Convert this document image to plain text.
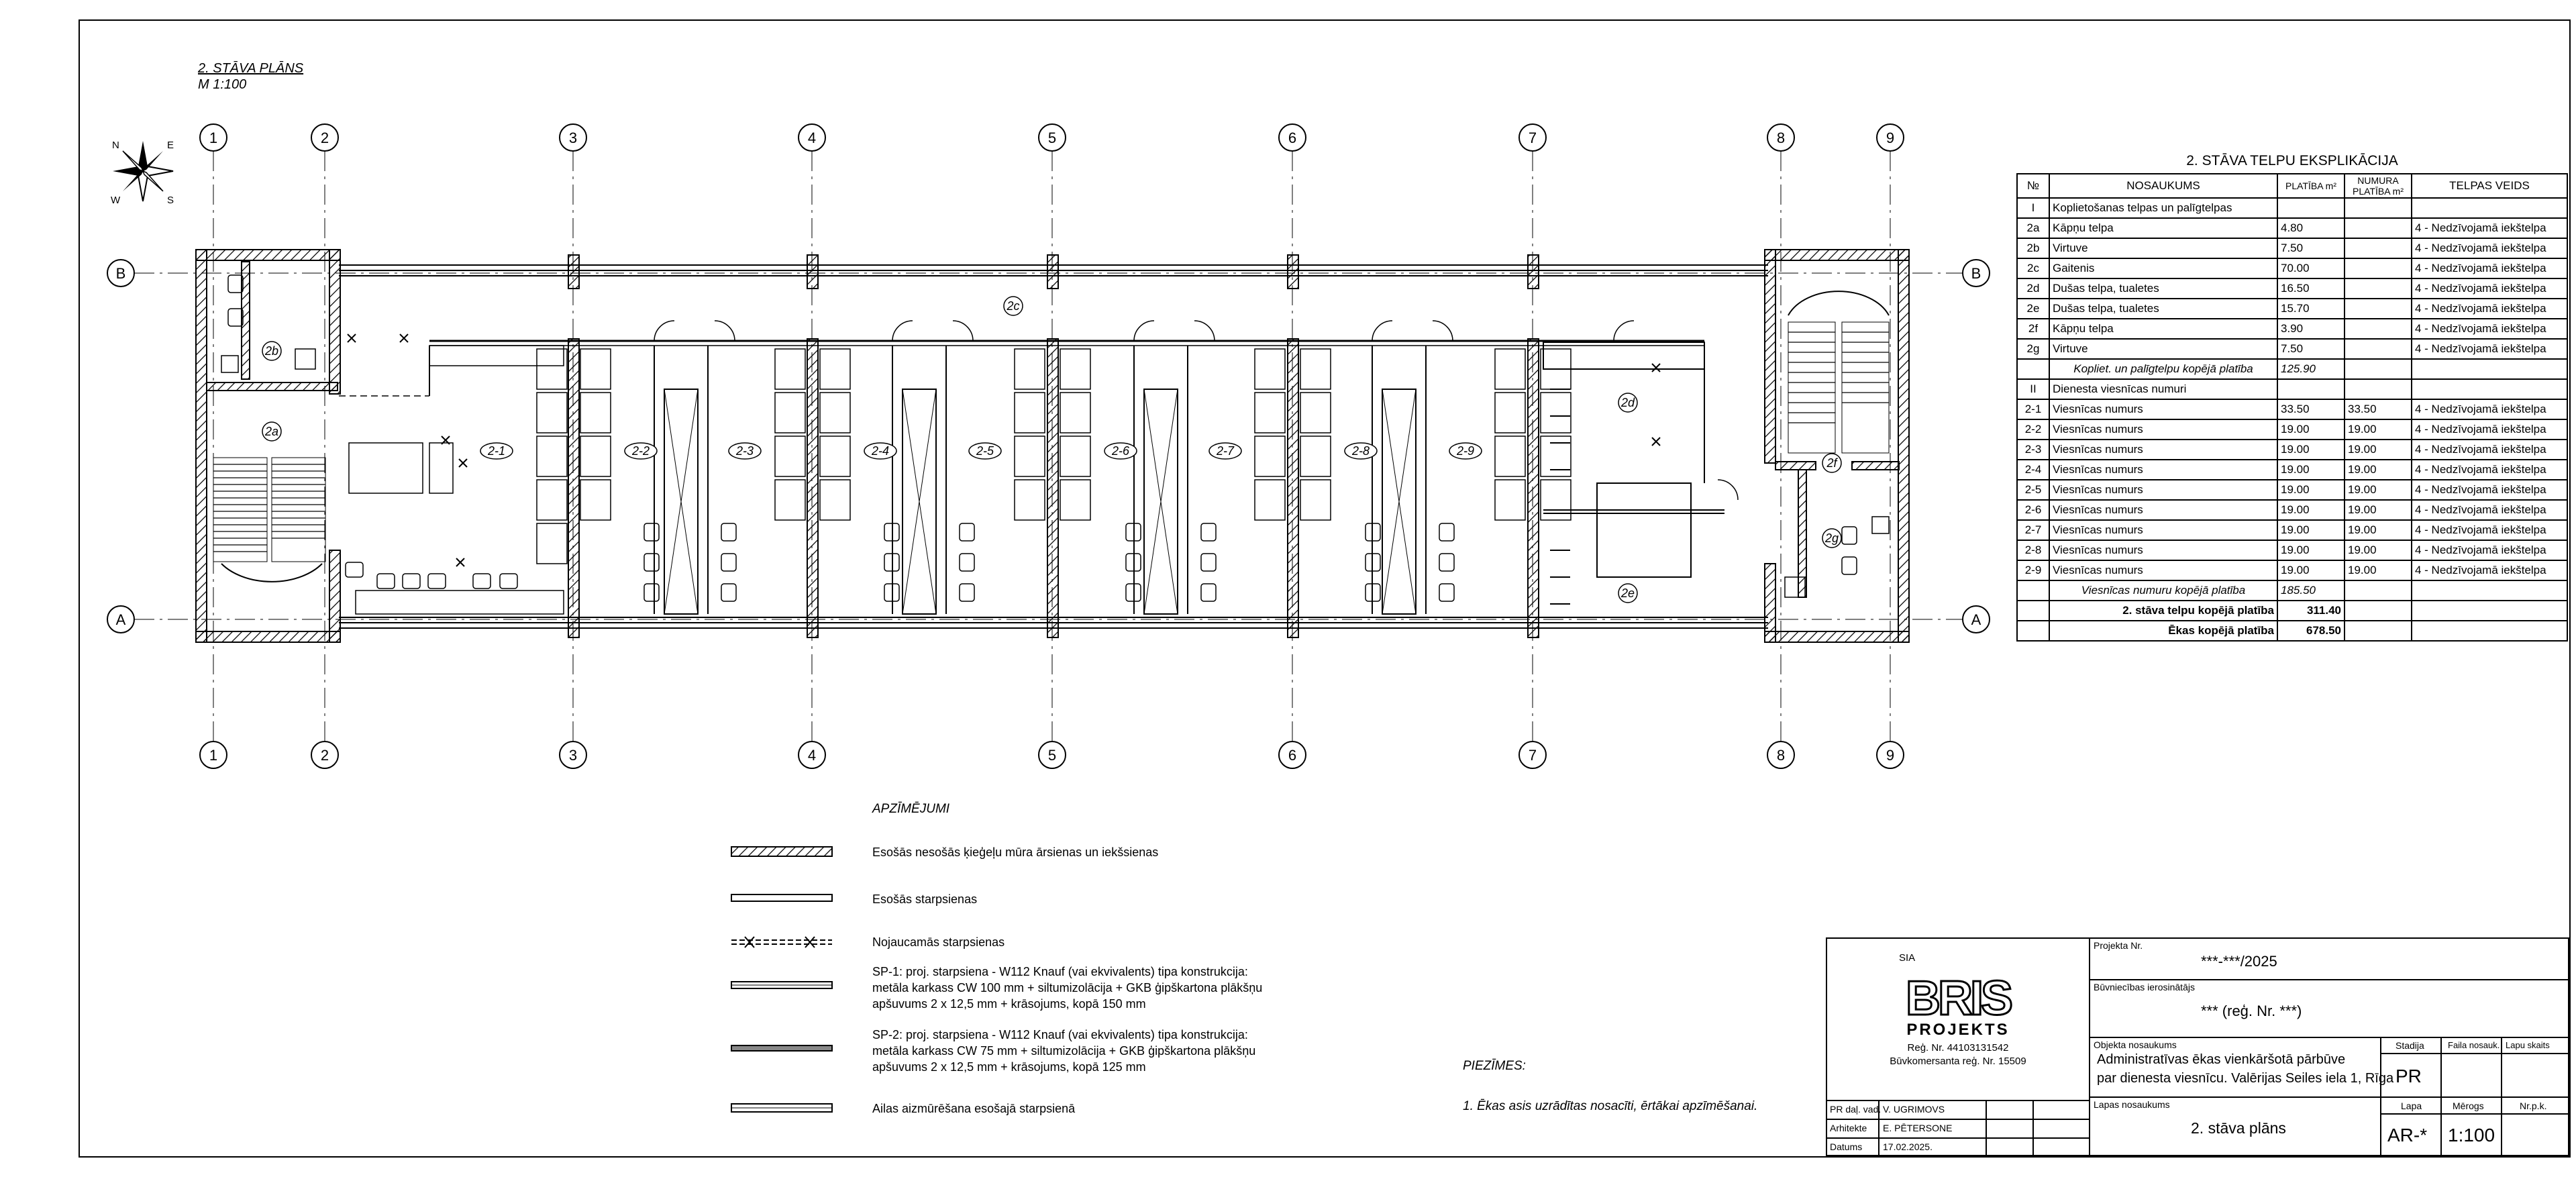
2. STĀVA PLĀNS
M 1:100
N	E
S
W
1	2	3	4	5	6	7	8	9
1	2	3	4	5	6	7	8	9
B	B
A	A
2-1	2-2	2-3	2-4	2-5	2-6	2-7	2-8	2-9
2a
2b
2c
2d
2e
2f
2g
SIA
BRIS
PROJEKTS
Reģ. Nr. 44103131542
Būvkomersanta reģ. Nr. 15509
2. STĀVA TELPU EKSPLIKĀCIJA
№	NOSAUKUMS	PLATĪBA m²	NUMURA PLATĪBA m²	TELPAS VEIDS
I	Koplietošanas telpas un palīgtelpas			
2a	Kāpņu telpa	4.80		4 - Nedzīvojamā iekštelpa
2b	Virtuve	7.50		4 - Nedzīvojamā iekštelpa
2c	Gaitenis	70.00		4 - Nedzīvojamā iekštelpa
2d	Dušas telpa, tualetes	16.50		4 - Nedzīvojamā iekštelpa
2e	Dušas telpa, tualetes	15.70		4 - Nedzīvojamā iekštelpa
2f	Kāpņu telpa	3.90		4 - Nedzīvojamā iekštelpa
2g	Virtuve	7.50		4 - Nedzīvojamā iekštelpa
	Kopliet. un palīgtelpu kopējā platība	125.90		
II	Dienesta viesnīcas numuri			
2-1	Viesnīcas numurs	33.50	33.50	4 - Nedzīvojamā iekštelpa
2-2	Viesnīcas numurs	19.00	19.00	4 - Nedzīvojamā iekštelpa
2-3	Viesnīcas numurs	19.00	19.00	4 - Nedzīvojamā iekštelpa
2-4	Viesnīcas numurs	19.00	19.00	4 - Nedzīvojamā iekštelpa
2-5	Viesnīcas numurs	19.00	19.00	4 - Nedzīvojamā iekštelpa
2-6	Viesnīcas numurs	19.00	19.00	4 - Nedzīvojamā iekštelpa
2-7	Viesnīcas numurs	19.00	19.00	4 - Nedzīvojamā iekštelpa
2-8	Viesnīcas numurs	19.00	19.00	4 - Nedzīvojamā iekštelpa
2-9	Viesnīcas numurs	19.00	19.00	4 - Nedzīvojamā iekštelpa
	Viesnīcas numuru kopējā platība	185.50		
	2. stāva telpu kopējā platība	311.40		
	Ēkas kopējā platība	678.50		
APZĪMĒJUMI
Esošās nesošās ķieģeļu mūra ārsienas un iekšsienas
Esošās starpsienas
Nojaucamās starpsienas
SP-1: proj. starpsiena - W112 Knauf (vai ekvivalents) tipa konstrukcija:
metāla karkass CW 100 mm + siltumizolācija + GKB ģipškartona plākšņu
apšuvums 2 x 12,5 mm + krāsojums, kopā 150 mm
SP-2: proj. starpsiena - W112 Knauf (vai ekvivalents) tipa konstrukcija:
metāla karkass CW 75 mm + siltumizolācija + GKB ģipškartona plākšņu
apšuvums 2 x 12,5 mm + krāsojums, kopā 125 mm
Ailas aizmūrēšana esošajā starpsienā
PIEZĪMES:
1. Ēkas asis uzrādītas nosacīti, ērtākai apzīmēšanai.
Projekta Nr.
***-***/2025
Būvniecības ierosinātājs
*** (reģ. Nr. ***)
Objekta nosaukums
Administratīvas ēkas vienkāršotā pārbūve
par dienesta viesnīcu. Valērijas Seiles iela 1, Rīga
Lapas nosaukums
2. stāva plāns
Stadija
PR
Faila nosauk. Lapu skaits
Lapa
AR-*
Mērogs
1:100
Nr.p.k.
PR daļ. vad. V. UGRIMOVS
Arhitekte E. PĒTERSONE
Datums 17.02.2025.
